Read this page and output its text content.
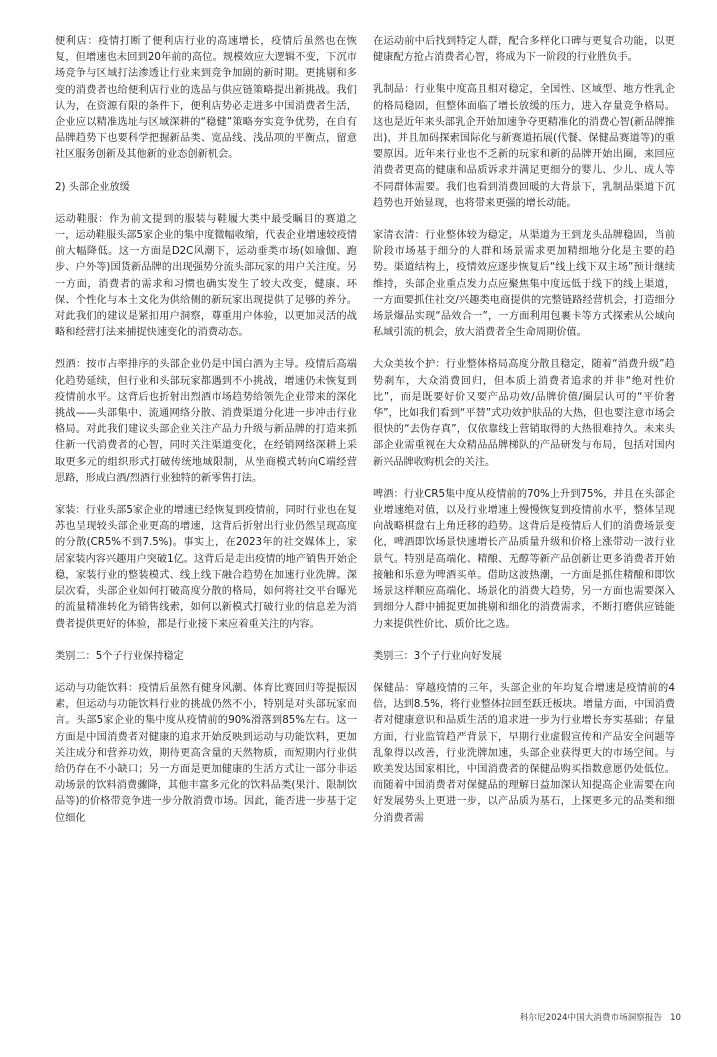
便利店：疫情打断了便利店行业的高速增长，疫情后虽然也在恢复，但增速也未回到20年前的高位。规模效应大逻辑不变，下沉市场竞争与区域打法渗透让行业来到竞争加剧的新时期。更挑剔和多变的消费者也给便利店行业的选品与供应链策略提出新挑战。我们认为，在资源有限的条件下，便利店势必走进多中国消费者生活，企业应以精准选址与区域深耕的“稳健”策略夯实竞争优势，在自有品牌趋势下也要科学把握新品类、宽品线、浅品项的平衡点，留意社区服务创新及其他新的业态创新机会。

2) 头部企业放缓

运动鞋服：作为前文提到的服装与鞋履大类中最受瞩目的赛道之一，运动鞋服头部5家企业的集中度微幅收缩，代表企业增速较疫情前大幅降低。这一方面是D2C风潮下，运动垂类市场(如瑜伽、跑步、户外等)国货新品牌的出现强势分流头部玩家的用户关注度。另一方面，消费者的需求和习惯也确实发生了较大改变，健康、环保、个性化与本土文化为供给侧的新玩家出现提供了足够的养分。对此我们的建议是紧扣用户洞察，尊重用户体验，以更加灵活的战略和经营打法来捕捉快速变化的消费动态。

烈酒：按市占率排序的头部企业仍是中国白酒为主导。疫情后高端化趋势延续，但行业和头部玩家都遇到不小挑战，增速仍未恢复到疫情前水平。这背后也折射出烈酒市场趋势给领先企业带来的深化挑战——头部集中、流通网络分散、消费渠道分化进一步冲击行业格局。对此我们建议头部企业关注产品力升级与新品牌的打造来抓住新一代消费者的心智，同时关注渠道变化，在经销网络深耕上采取更多元的组织形式打破传统地域限制，从坐商模式转向C端经营思路，形成白酒/烈酒行业独特的新零售打法。

家装：行业头部5家企业的增速已经恢复到疫情前，同时行业也在复苏也呈现较头部企业更高的增速，这背后折射出行业仍然呈现高度的分散(CR5%不到7.5%)。事实上，在2023年的社交媒体上，家居家装内容兴趣用户突破1亿。这背后是走出疫情的地产销售开始企稳，家装行业的整装模式、线上线下融合趋势在加速行业洗牌。深层次看，头部企业如何打破高度分散的格局，如何将社交平台曝光的流量精准转化为销售线索，如何以新模式打破行业的信息差为消费者提供更好的体验，都是行业接下来应着重关注的内容。

类别二：5个子行业保持稳定

运动与功能饮料：疫情后虽然有健身风潮、体育比赛回归等提振因素，但运动与功能饮料行业的挑战仍然不小，特别是对头部玩家而言。头部5家企业的集中度从疫情前的90%滑落到85%左右。这一方面是中国消费者对健康的追求开始反映到运动与功能饮料，更加关注成分和营养功效，期待更高含量的天然物质，而短期内行业供给仍存在不小缺口；另一方面是更加健康的生活方式让一部分非运动场景的饮料消费骤降，其他丰富多元化的饮料品类(果汁、限制饮品等)的价格带竞争进一步分散消费市场。因此，能否进一步基于定位细化

在运动前中后找到特定人群，配合多样化口碑与更复合功能，以更健康配方抢占消费者心智，将成为下一阶段的行业胜负手。

乳制品：行业集中度高且相对稳定，全国性、区域型、地方性乳企的格局稳固，但整体面临了增长放缓的压力，进入存量竞争格局。这也是近年来头部乳企开始加速争夺更精准化的消费心智(新品牌推出)，并且加码探索国际化与新赛道拓展(代餐、保健品赛道等)的重要原因。近年来行业也不乏新的玩家和新的品牌开始出圈，来回应消费者更高的健康和品质诉求并满足更细分的婴儿、少儿、成人等不同群体需要。我们也看到消费回暖的大背景下，乳制品渠道下沉趋势也开始显现，也将带来更强的增长动能。

家清衣清：行业整体较为稳定，从渠道为王到龙头品牌稳固，当前阶段市场基于细分的人群和场景需求更加精细地分化是主要的趋势。渠道结构上，疫情效应逐步恢复后“线上线下双主场”预计继续维持，头部企业重点发力点应聚焦集中度远低于线下的线上渠道，一方面要抓住社交/兴趣类电商提供的完整链路经营机会，打造细分场景爆品实现“品效合一”，一方面利用包裹卡等方式探索从公域向私域引流的机会，放大消费者全生命周期价值。

大众美妆个护：行业整体格局高度分散且稳定，随着“消费升级”趋势刹车，大众消费回归，但本质上消费者追求的并非“绝对性价比”，而是既要好价又要产品功效/品牌价值/圈层认可的“平价奢华”，比如我们看到“平替”式功效护肤品的大热，但也要注意市场会很快的“去伪存真”，仅依靠线上营销取得的大热很难持久。未来头部企业需重视在大众精品品牌梯队的产品研发与布局，包括对国内新兴品牌收购机会的关注。

啤酒：行业CR5集中度从疫情前的70%上升到75%，并且在头部企业增速绝对值，以及行业增速上慢慢恢复到疫情前水平，整体呈现向战略棋盘右上角迁移的趋势。这背后是疫情后人们的消费场景变化，啤酒即饮场景快速增长产品质量升级和价格上涨带动一波行业景气。特别是高端化、精酿、无醇等新产品创新让更多消费者开始接触和乐意为啤酒买单。借助这波热潮，一方面是抓住精酿和即饮场景这样顺应高端化、场景化的消费大趋势，另一方面也需要深入到细分人群中捕捉更加挑剔和细化的消费需求，不断打磨供应链能力来提供性价比、质价比之选。

类别三：3个子行业向好发展

保健品：穿越疫情的三年，头部企业的年均复合增速是疫情前的4倍，达到8.5%，将行业整体拉回至跃迁板块。增量方面，中国消费者对健康意识和品质生活的追求进一步为行业增长夯实基础；存量方面，行业监管趋严背景下，早期行业虚假宣传和产品安全问题等乱象得以改善，行业洗牌加速，头部企业获得更大的市场空间。与欧美发达国家相比，中国消费者的保健品购买指数意愿仍处低位。而随着中国消费者对保健品的理解日益加深认知提高企业需要在向好发展势头上更进一步，以产品质为基石，上探更多元的品类和细分消费者需

科尔尼2024中国大消费市场洞察报告 10
